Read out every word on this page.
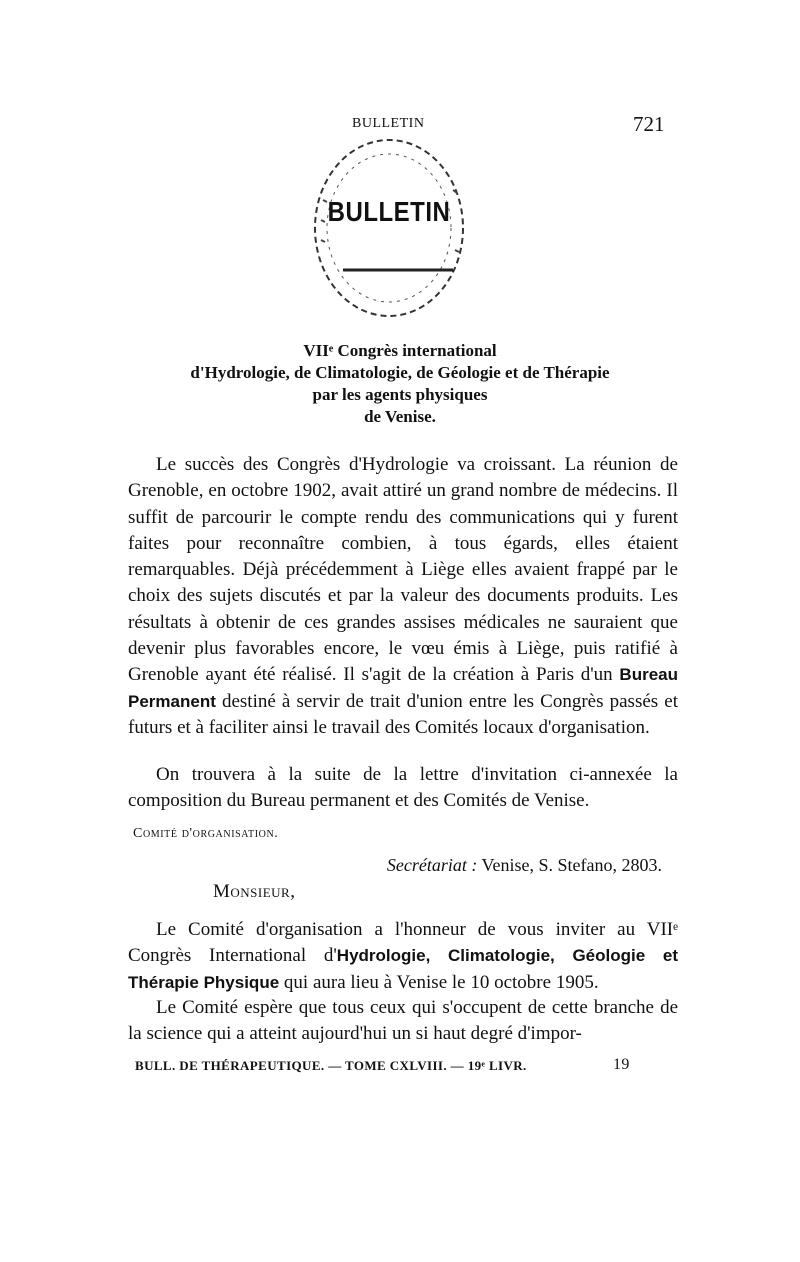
BULLETIN	721
BULLETIN
VIIᵉ Congrès international
d'Hydrologie, de Climatologie, de Géologie et de Thérapie
par les agents physiques
de Venise.

Le succès des Congrès d'Hydrologie va croissant. La réunion de Grenoble, en octobre 1902, avait attiré un grand nombre de médecins. Il suffit de parcourir le compte rendu des communications qui y furent faites pour reconnaître combien, à tous égards, elles étaient remarquables. Déjà précédemment à Liège elles avaient frappé par le choix des sujets discutés et par la valeur des documents produits. Les résultats à obtenir de ces grandes assises médicales ne sauraient que devenir plus favorables encore, le vœu émis à Liège, puis ratifié à Grenoble ayant été réalisé. Il s'agit de la création à Paris d'un Bureau Permanent destiné à servir de trait d'union entre les Congrès passés et futurs et à faciliter ainsi le travail des Comités locaux d'organisation.

On trouvera à la suite de la lettre d'invitation ci-annexée la composition du Bureau permanent et des Comités de Venise.

Comité d'organisation.
Secrétariat : Venise, S. Stefano, 2803.
Monsieur,

Le Comité d'organisation a l'honneur de vous inviter au VIIᵉ Congrès International d'Hydrologie, Climatologie, Géologie et Thérapie Physique qui aura lieu à Venise le 10 octobre 1905.

Le Comité espère que tous ceux qui s'occupent de cette branche de la science qui a atteint aujourd'hui un si haut degré d'impor-

BULL. DE THÉRAPEUTIQUE. — TOME CXLVIII. — 19ᵉ LIVR.	19
